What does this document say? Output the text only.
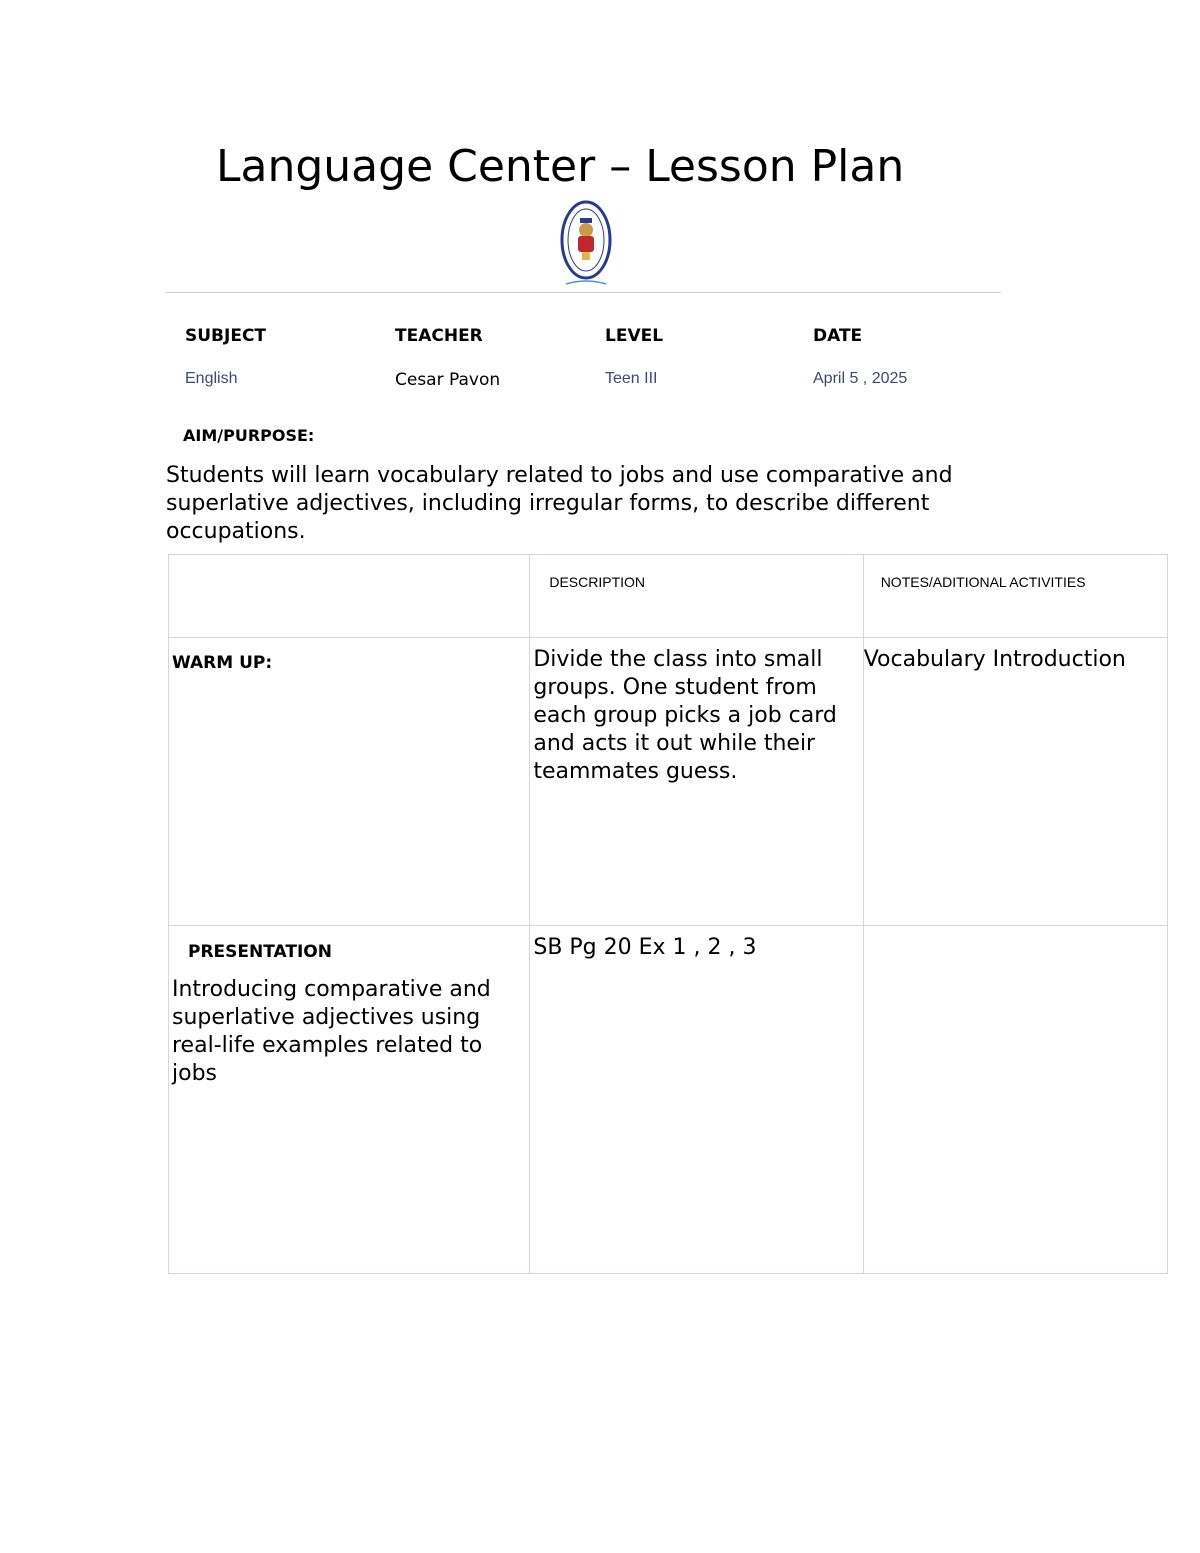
Language Center – Lesson Plan
SUBJECT	TEACHER	LEVEL	DATE
English	Cesar Pavon	Teen III	April 5 , 2025
AIM/PURPOSE:
Students will learn vocabulary related to jobs and use comparative and superlative adjectives, including irregular forms, to describe different occupations.
	DESCRIPTION	NOTES/ADITIONAL ACTIVITIES
WARM UP:	Divide the class into small groups. One student from each group picks a job card and acts it out while their teammates guess.	Vocabulary Introduction

PRESENTATION
Introducing comparative and superlative adjectives using real-life examples related to jobs	SB Pg 20 Ex 1 , 2 , 3	
